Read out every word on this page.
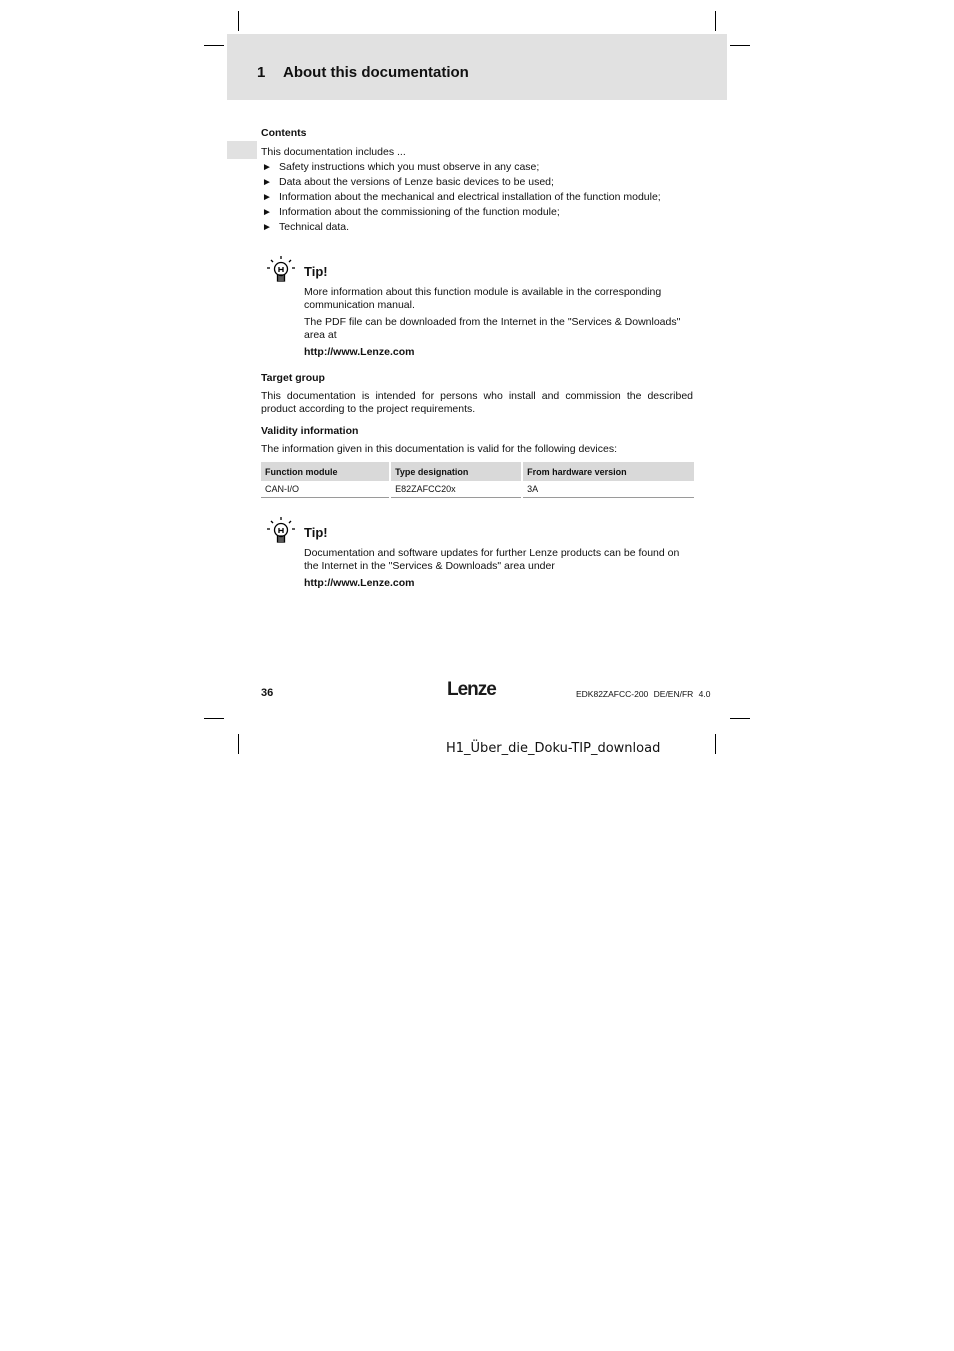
1 About this documentation

Contents

This documentation includes ...

► Safety instructions which you must observe in any case;
► Data about the versions of Lenze basic devices to be used;
► Information about the mechanical and electrical installation of the function module;
► Information about the commissioning of the function module;
► Technical data.
Tip!

More information about this function module is available in the corresponding communication manual.

The PDF file can be downloaded from the Internet in the "Services & Downloads" area at

http://www.Lenze.com

Target group

This documentation is intended for persons who install and commission the described product according to the project requirements.

Validity information

The information given in this documentation is valid for the following devices:

Function module	Type designation	From hardware version
CAN-I/O	E82ZAFCC20x	3A
Tip!

Documentation and software updates for further Lenze products can be found on the Internet in the "Services & Downloads" area under

http://www.Lenze.com

36	Lenze	EDK82ZAFCC-200 DE/EN/FR 4.0
H1_Über_die_Doku-TIP_download
